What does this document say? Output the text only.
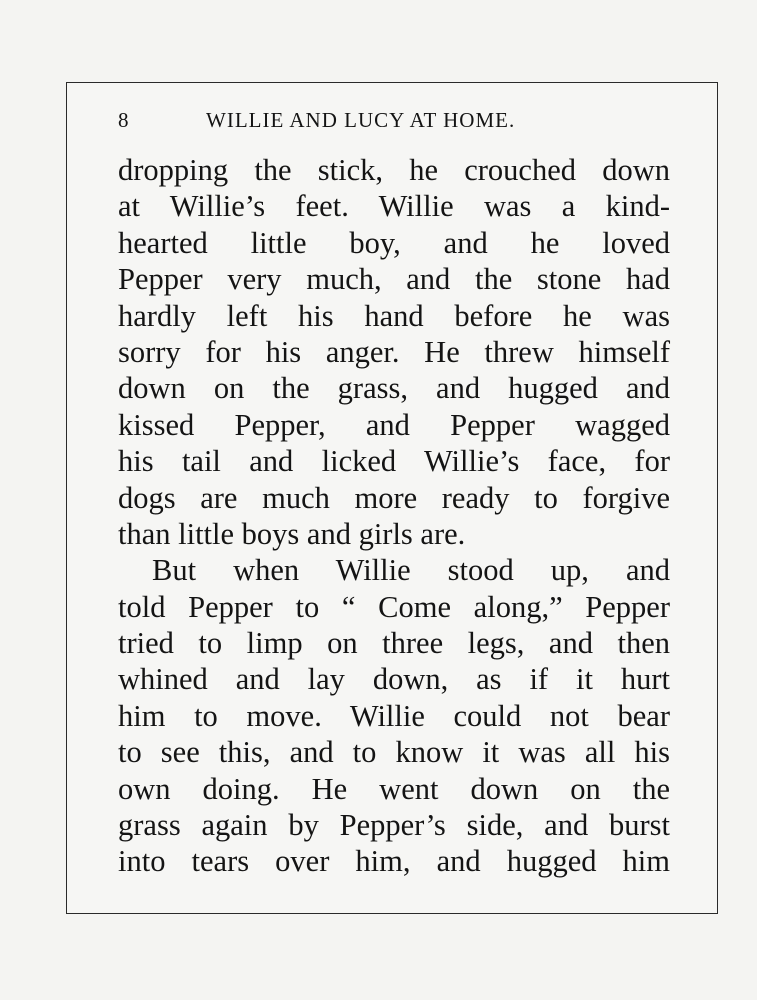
8	WILLIE AND LUCY AT HOME.
dropping the stick, he crouched down
at Willie’s feet. Willie was a kind-
hearted little boy, and he loved
Pepper very much, and the stone had
hardly left his hand before he was
sorry for his anger. He threw himself
down on the grass, and hugged and
kissed Pepper, and Pepper wagged
his tail and licked Willie’s face, for
dogs are much more ready to forgive
than little boys and girls are.
But when Willie stood up, and
told Pepper to “ Come along,” Pepper
tried to limp on three legs, and then
whined and lay down, as if it hurt
him to move. Willie could not bear
to see this, and to know it was all his
own doing. He went down on the
grass again by Pepper’s side, and burst
into tears over him, and hugged him
